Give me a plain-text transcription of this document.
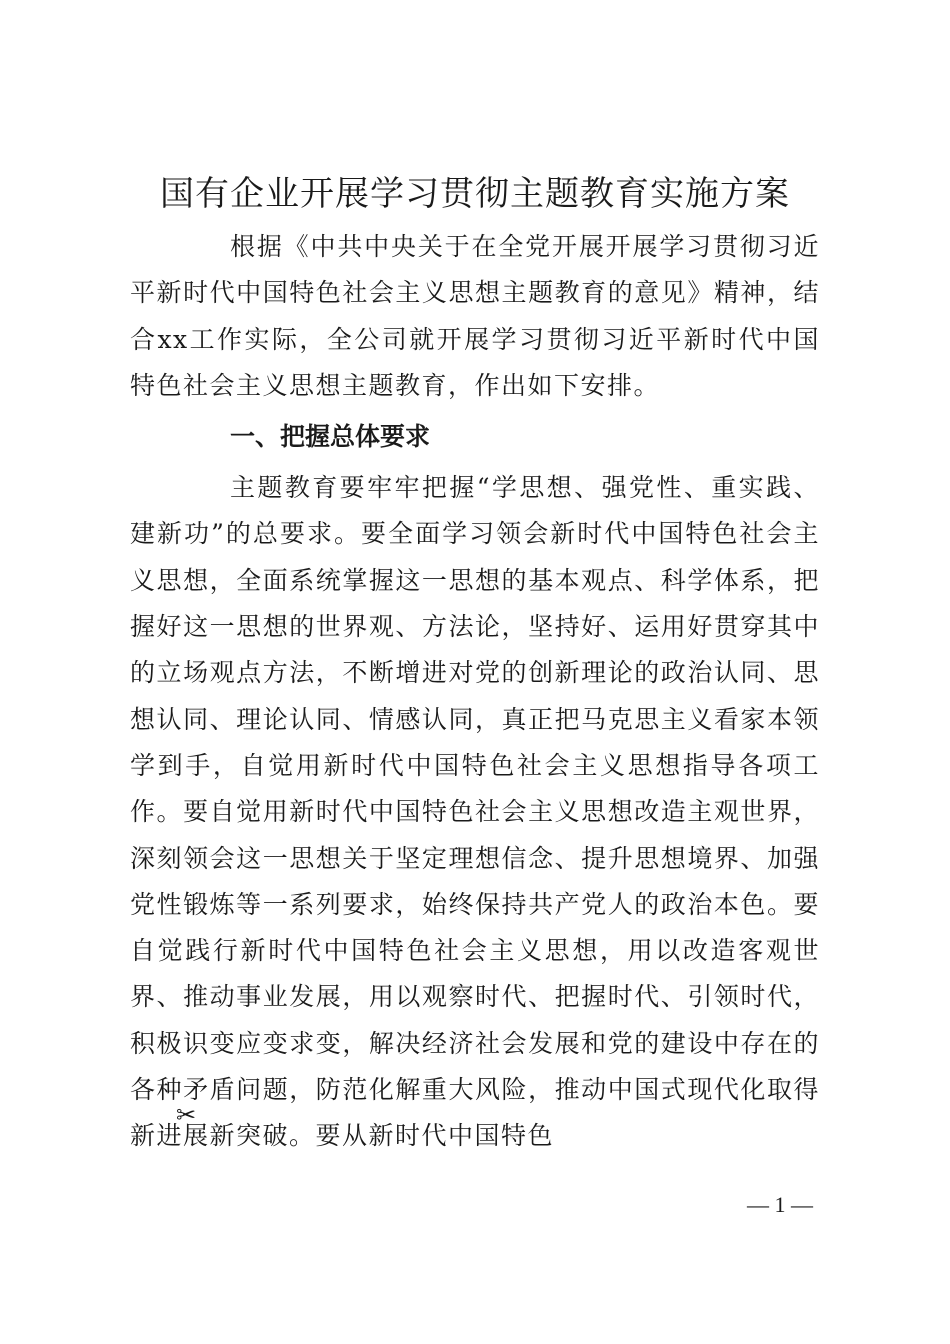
国有企业开展学习贯彻主题教育实施方案

根据《中共中央关于在全党开展开展学习贯彻习近平新时代中国特色社会主义思想主题教育的意见》精神，结合xx工作实际，全公司就开展学习贯彻习近平新时代中国特色社会主义思想主题教育，作出如下安排。

一、把握总体要求

主题教育要牢牢把握“学思想、强党性、重实践、建新功”的总要求。要全面学习领会新时代中国特色社会主义思想，全面系统掌握这一思想的基本观点、科学体系，把握好这一思想的世界观、方法论，坚持好、运用好贯穿其中的立场观点方法，不断增进对党的创新理论的政治认同、思想认同、理论认同、情感认同，真正把马克思主义看家本领学到手，自觉用新时代中国特色社会主义思想指导各项工作。要自觉用新时代中国特色社会主义思想改造主观世界，深刻领会这一思想关于坚定理想信念、提升思想境界、加强党性锻炼等一系列要求，始终保持共产党人的政治本色。要自觉践行新时代中国特色社会主义思想，用以改造客观世界、推动事业发展，用以观察时代、把握时代、引领时代，积极识变应变求变，解决经济社会发展和党的建设中存在的各种矛盾问题，防范化解重大风险，推动中国式现代化取得新进展新突破。要从新时代中国特色

✂
— 1 —
